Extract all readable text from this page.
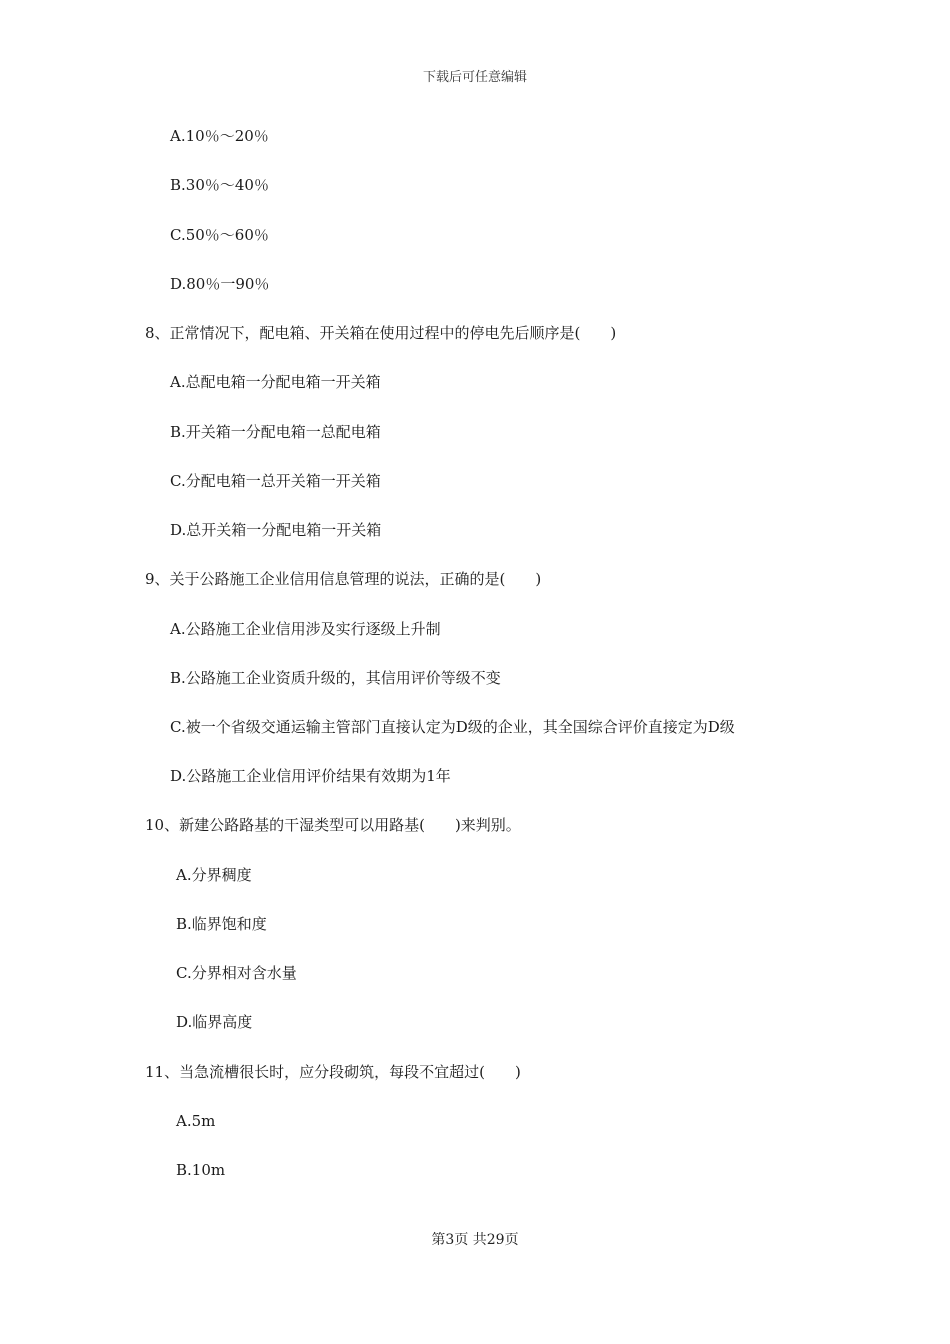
下载后可任意编辑
A.10％～20％
B.30％～40％
C.50％～60％
D.80％一90％
8、正常情况下，配电箱、开关箱在使用过程中的停电先后顺序是(　　)
A.总配电箱一分配电箱一开关箱
B.开关箱一分配电箱一总配电箱
C.分配电箱一总开关箱一开关箱
D.总开关箱一分配电箱一开关箱
9、关于公路施工企业信用信息管理的说法，正确的是(　　)
A.公路施工企业信用涉及实行逐级上升制
B.公路施工企业资质升级的，其信用评价等级不变
C.被一个省级交通运输主管部门直接认定为D级的企业，其全国综合评价直接定为D级
D.公路施工企业信用评价结果有效期为1年
10、新建公路路基的干湿类型可以用路基(　　)来判别。
A.分界稠度
B.临界饱和度
C.分界相对含水量
D.临界高度
11、当急流槽很长时，应分段砌筑，每段不宜超过(　　)
A.5m
B.10m
第3页 共29页
